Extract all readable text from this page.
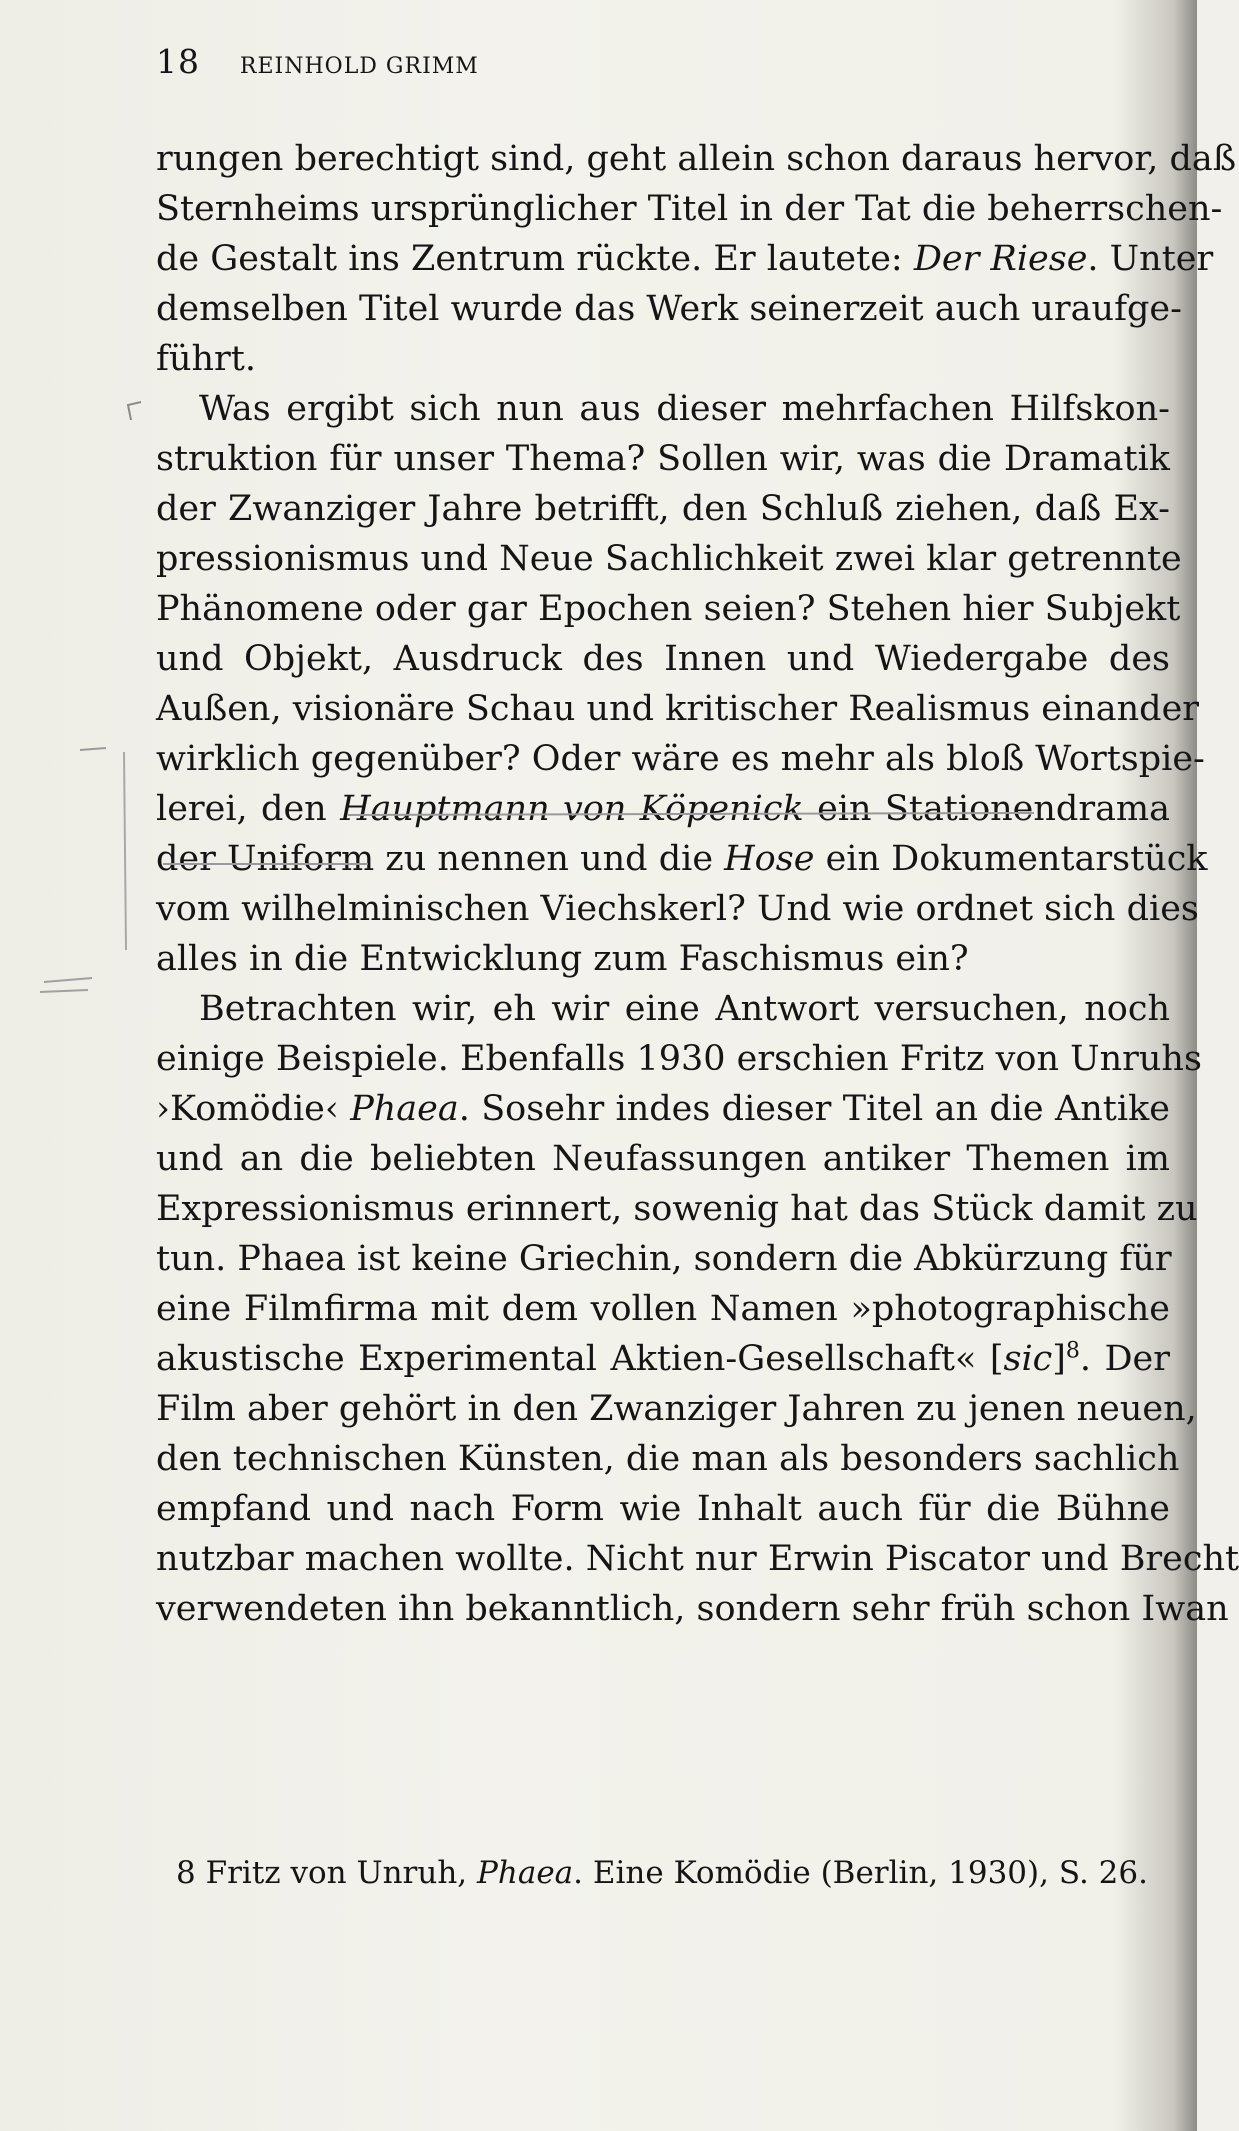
18 REINHOLD GRIMM
rungen berechtigt sind, geht allein schon daraus hervor, daß
Sternheims ursprünglicher Titel in der Tat die beherrschen-
de Gestalt ins Zentrum rückte. Er lautete: Der Riese. Unter
demselben Titel wurde das Werk seinerzeit auch uraufge-
führt.
Was ergibt sich nun aus dieser mehrfachen Hilfskon-
struktion für unser Thema? Sollen wir, was die Dramatik
der Zwanziger Jahre betrifft, den Schluß ziehen, daß Ex-
pressionismus und Neue Sachlichkeit zwei klar getrennte
Phänomene oder gar Epochen seien? Stehen hier Subjekt
und Objekt, Ausdruck des Innen und Wiedergabe des
Außen, visionäre Schau und kritischer Realismus einander
wirklich gegenüber? Oder wäre es mehr als bloß Wortspie-
lerei, den Hauptmann von Köpenick ein Stationendrama
der Uniform zu nennen und die Hose ein Dokumentarstück
vom wilhelminischen Viechskerl? Und wie ordnet sich dies
alles in die Entwicklung zum Faschismus ein?
Betrachten wir, eh wir eine Antwort versuchen, noch
einige Beispiele. Ebenfalls 1930 erschien Fritz von Unruhs
›Komödie‹ Phaea. Sosehr indes dieser Titel an die Antike
und an die beliebten Neufassungen antiker Themen im
Expressionismus erinnert, sowenig hat das Stück damit zu
tun. Phaea ist keine Griechin, sondern die Abkürzung für
eine Filmfirma mit dem vollen Namen »photographische
akustische Experimental Aktien-Gesellschaft« [sic]$^8$. Der
Film aber gehört in den Zwanziger Jahren zu jenen neuen,
den technischen Künsten, die man als besonders sachlich
empfand und nach Form wie Inhalt auch für die Bühne
nutzbar machen wollte. Nicht nur Erwin Piscator und Brecht
verwendeten ihn bekanntlich, sondern sehr früh schon Iwan
8 Fritz von Unruh, Phaea. Eine Komödie (Berlin, 1930), S. 26.
